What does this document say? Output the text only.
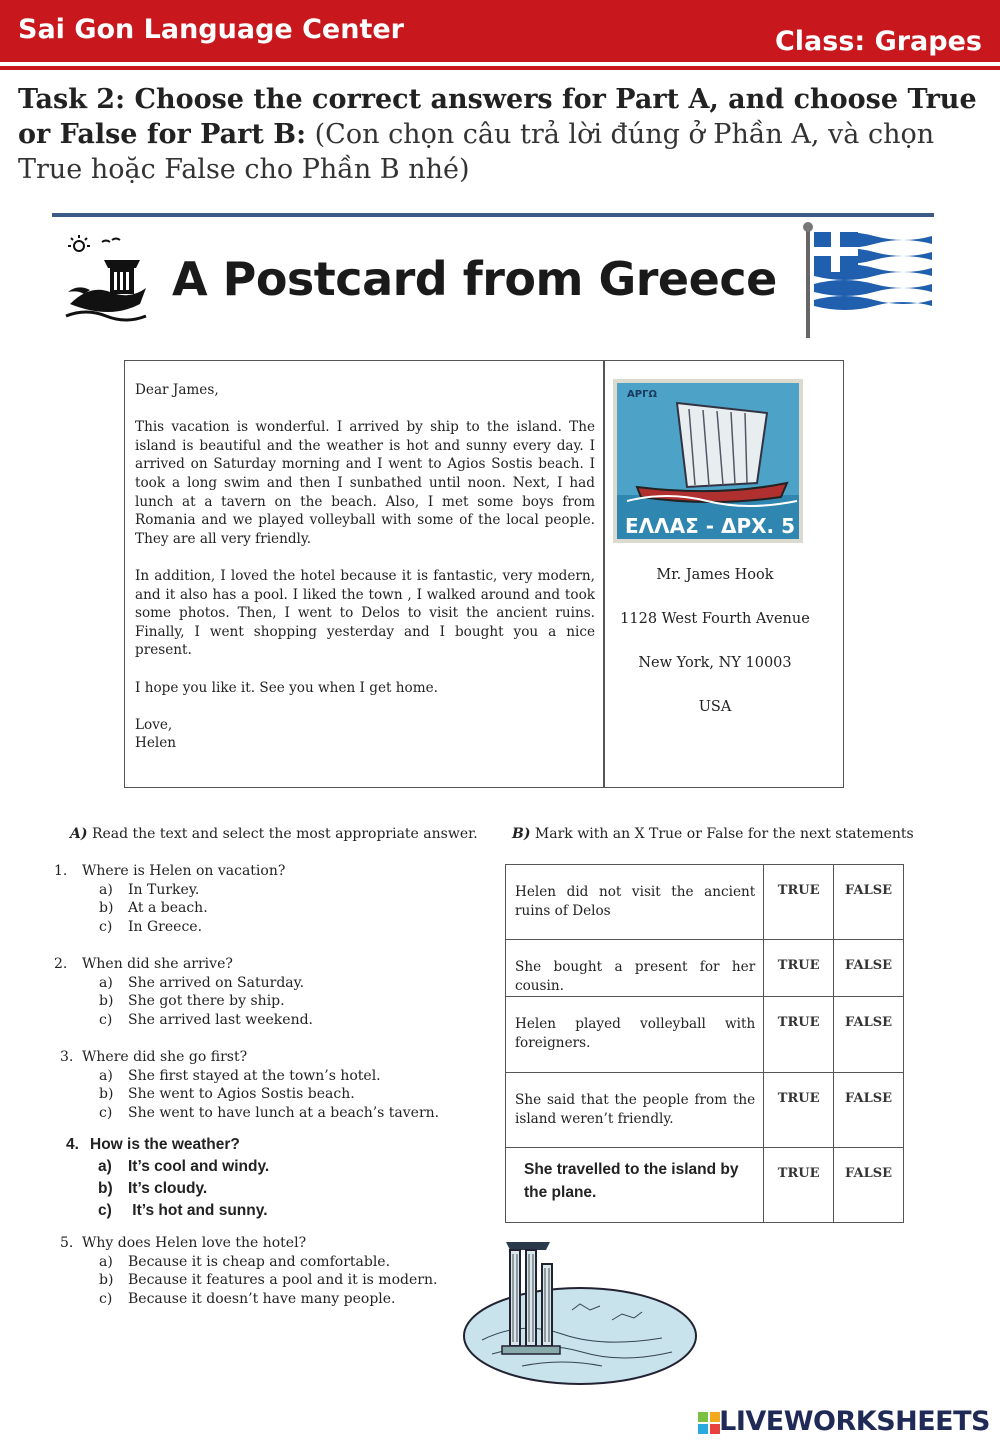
Sai Gon Language Center	Class: Grapes
Task 2: Choose the correct answers for Part A, and choose True or False for Part B: (Con chọn câu trả lời đúng ở Phần A, và chọn True hoặc False cho Phần B nhé)
A Postcard from Greece

Dear James,

This vacation is wonderful. I arrived by ship to the island. The island is beautiful and the weather is hot and sunny every day. I arrived on Saturday morning and I went to Agios Sostis beach. I took a long swim and then I sunbathed until noon. Next, I had lunch at a tavern on the beach. Also, I met some boys from Romania and we played volleyball with some of the local people. They are all very friendly.

In addition, I loved the hotel because it is fantastic, very modern, and it also has a pool. I liked the town , I walked around and took some photos. Then, I went to Delos to visit the ancient ruins. Finally, I went shopping yesterday and I bought you a nice present.

I hope you like it. See you when I get home.

Love,
Helen
ΕΛΛΑΣ - ΔΡΧ. 5
ΑΡΓΩ
Mr. James Hook
1128 West Fourth Avenue
New York, NY 10003
USA
A) Read the text and select the most appropriate answer.
1. Where is Helen on vacation?
a) In Turkey.
b) At a beach.
c) In Greece.
2. When did she arrive?
a) She arrived on Saturday.
b) She got there by ship.
c) She arrived last weekend.
3. Where did she go first?
a) She first stayed at the town’s hotel.
b) She went to Agios Sostis beach.
c) She went to have lunch at a beach’s tavern.
4. How is the weather?
a) It’s cool and windy.
b) It’s cloudy.
c) It’s hot and sunny.
5. Why does Helen love the hotel?
a) Because it is cheap and comfortable.
b) Because it features a pool and it is modern.
c) Because it doesn’t have many people.
B) Mark with an X True or False for the next statements
Helen did not visit the ancient ruins of Delos	TRUE	FALSE
She bought a present for her cousin.	TRUE	FALSE
Helen played volleyball with foreigners.	TRUE	FALSE
She said that the people from the island weren’t friendly.	TRUE	FALSE
She travelled to the island by the plane.	TRUE	FALSE
LIVEWORKSHEETS
